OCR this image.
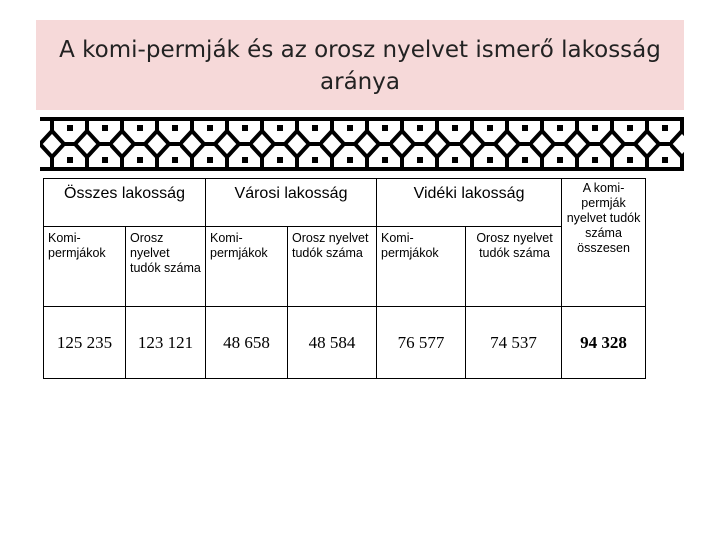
A komi-permják és az orosz nyelvet ismerő lakosság aránya
Összes lakosság		Városi lakosság		Vidéki lakosság		A komi-permják nyelvet tudók száma összesen
Komi-permjákok	Orosz nyelvet tudók száma	Komi-permjákok	Orosz nyelvet tudók száma	Komi-permjákok	Orosz nyelvet tudók száma	
125 235	123 121	48 658	48 584	76 577	74 537	94 328
